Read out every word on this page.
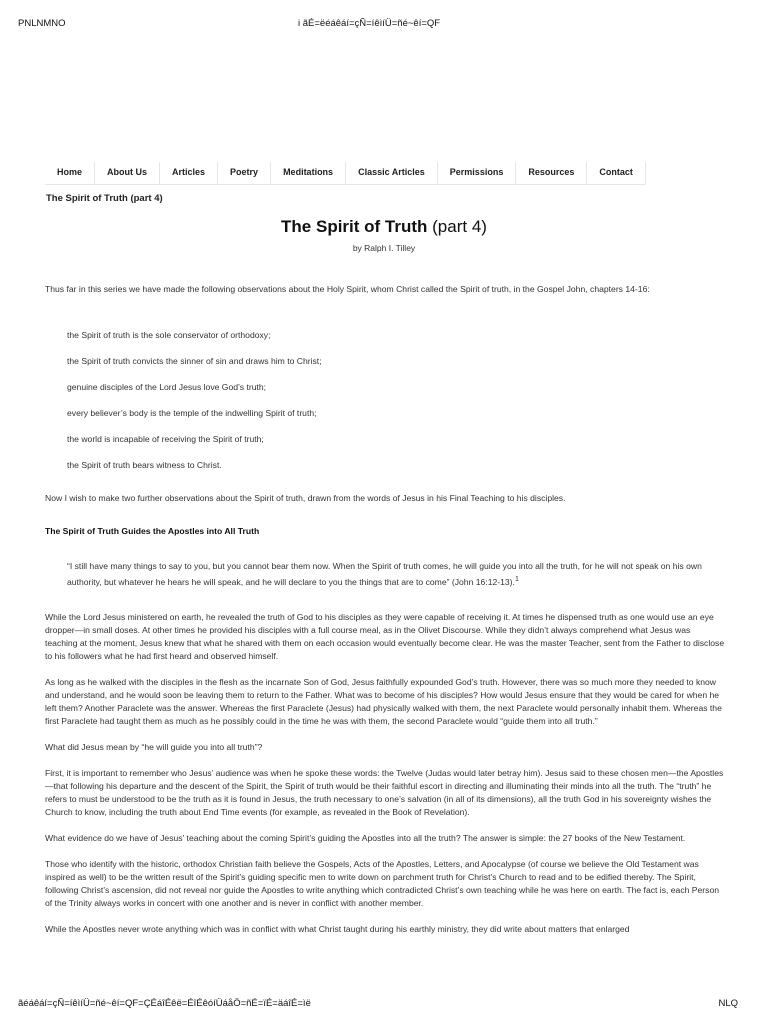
PNLNMNO	i ãÉ=ëéáêáí=çÑ=íêìíÜ=ñé~êí=QF
Home	About Us	Articles	Poetry	Meditations	Classic Articles	Permissions	Resources	Contact
The Spirit of Truth (part 4)
The Spirit of Truth (part 4)
by Ralph I. Tilley

Thus far in this series we have made the following observations about the Holy Spirit, whom Christ called the Spirit of truth, in the Gospel John, chapters 14-16:

the Spirit of truth is the sole conservator of orthodoxy;
the Spirit of truth convicts the sinner of sin and draws him to Christ;
genuine disciples of the Lord Jesus love God’s truth;
every believer’s body is the temple of the indwelling Spirit of truth;
the world is incapable of receiving the Spirit of truth;
the Spirit of truth bears witness to Christ.

Now I wish to make two further observations about the Spirit of truth, drawn from the words of Jesus in his Final Teaching to his disciples.

The Spirit of Truth Guides the Apostles into All Truth

“I still have many things to say to you, but you cannot bear them now. When the Spirit of truth comes, he will guide you into all the truth, for he will not speak on his own authority, but whatever he hears he will speak, and he will declare to you the things that are to come” (John 16:12-13).$^1$

While the Lord Jesus ministered on earth, he revealed the truth of God to his disciples as they were capable of receiving it. At times he dispensed truth as one would use an eye dropper—in small doses. At other times he provided his disciples with a full course meal, as in the Olivet Discourse. While they didn’t always comprehend what Jesus was teaching at the moment, Jesus knew that what he shared with them on each occasion would eventually become clear. He was the master Teacher, sent from the Father to disclose to his followers what he had first heard and observed himself.

As long as he walked with the disciples in the flesh as the incarnate Son of God, Jesus faithfully expounded God’s truth. However, there was so much more they needed to know and understand, and he would soon be leaving them to return to the Father. What was to become of his disciples? How would Jesus ensure that they would be cared for when he left them? Another Paraclete was the answer. Whereas the first Paraclete (Jesus) had physically walked with them, the next Paraclete would personally inhabit them. Whereas the first Paraclete had taught them as much as he possibly could in the time he was with them, the second Paraclete would “guide them into all truth.”

What did Jesus mean by “he will guide you into all truth”?

First, it is important to remember who Jesus’ audience was when he spoke these words: the Twelve (Judas would later betray him). Jesus said to these chosen men—the Apostles—that following his departure and the descent of the Spirit, the Spirit of truth would be their faithful escort in directing and illuminating their minds into all the truth. The “truth” he refers to must be understood to be the truth as it is found in Jesus, the truth necessary to one’s salvation (in all of its dimensions), all the truth God in his sovereignty wishes the Church to know, including the truth about End Time events (for example, as revealed in the Book of Revelation).

What evidence do we have of Jesus’ teaching about the coming Spirit’s guiding the Apostles into all the truth? The answer is simple: the 27 books of the New Testament.

Those who identify with the historic, orthodox Christian faith believe the Gospels, Acts of the Apostles, Letters, and Apocalypse (of course we believe the Old Testament was inspired as well) to be the written result of the Spirit’s guiding specific men to write down on parchment truth for Christ’s Church to read and to be edified thereby. The Spirit, following Christ’s ascension, did not reveal nor guide the Apostles to write anything which contradicted Christ’s own teaching while he was here on earth. The fact is, each Person of the Trinity always works in concert with one another and is never in conflict with another member.

While the Apostles never wrote anything which was in conflict with what Christ taught during his earthly ministry, they did write about matters that enlarged

ãéáêáí=çÑ=íêìíÜ=ñé~êí=QF=ÇÉáîÉêë=ÉîÉêóíÜáåÖ=ñÉ=ïÉ=äáîÉ=ìë	NLQ
